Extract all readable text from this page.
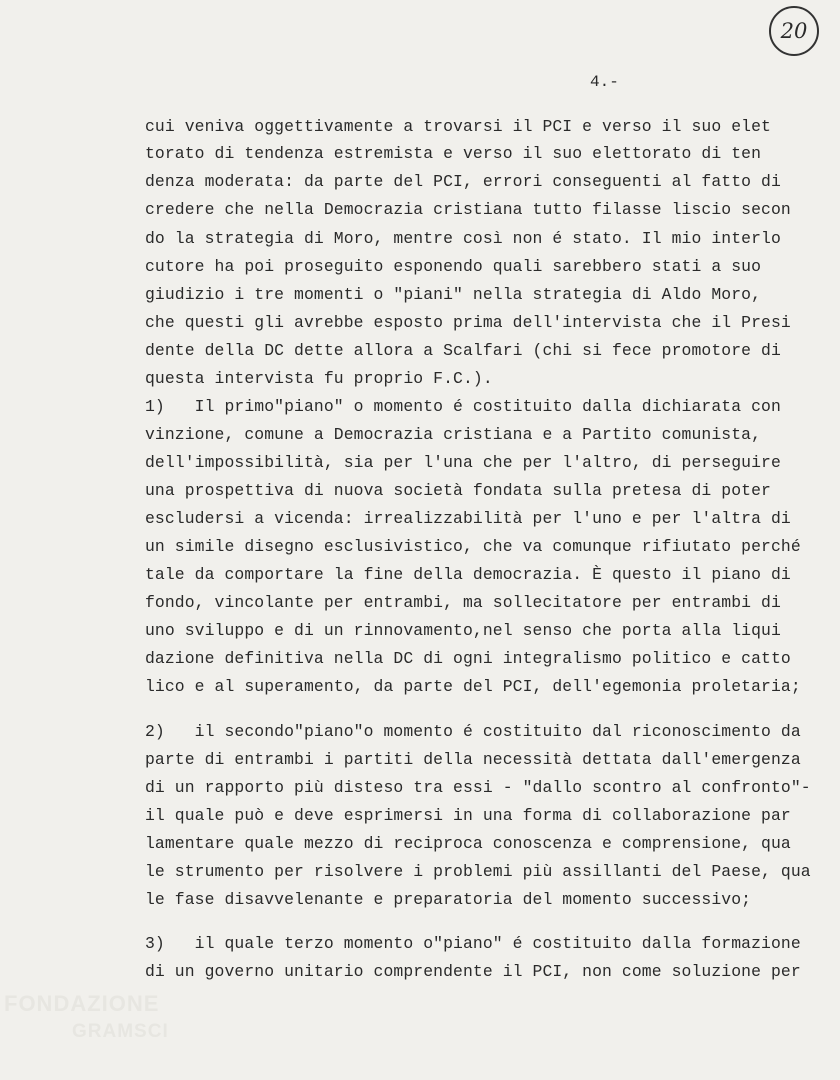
20
4.-
cui veniva oggettivamente a trovarsi il PCI e verso il suo elet
torato di tendenza estremista e verso il suo elettorato di ten
denza moderata: da parte del PCI, errori conseguenti al fatto di
credere che nella Democrazia cristiana tutto filasse liscio secon
do la strategia di Moro, mentre così non é stato. Il mio interlo
cutore ha poi proseguito esponendo quali sarebbero stati a suo
giudizio i tre momenti o "piani" nella strategia di Aldo Moro,
che questi gli avrebbe esposto prima dell'intervista che il Presi
dente della DC dette allora a Scalfari (chi si fece promotore di
questa intervista fu proprio F.C.).
1)   Il primo"piano" o momento é costituito dalla dichiarata con
vinzione, comune a Democrazia cristiana e a Partito comunista,
dell'impossibilità, sia per l'una che per l'altro, di perseguire
una prospettiva di nuova società fondata sulla pretesa di poter
escludersi a vicenda: irrealizzabilità per l'uno e per l'altra di
un simile disegno esclusivistico, che va comunque rifiutato perché
tale da comportare la fine della democrazia. È questo il piano di
fondo, vincolante per entrambi, ma sollecitatore per entrambi di
uno sviluppo e di un rinnovamento,nel senso che porta alla liqui
dazione definitiva nella DC di ogni integralismo politico e catto
lico e al superamento, da parte del PCI, dell'egemonia proletaria;
2)   il secondo"piano"o momento é costituito dal riconoscimento da
parte di entrambi i partiti della necessità dettata dall'emergenza
di un rapporto più disteso tra essi - "dallo scontro al confronto"-
il quale può e deve esprimersi in una forma di collaborazione par
lamentare quale mezzo di reciproca conoscenza e comprensione, qua
le strumento per risolvere i problemi più assillanti del Paese, qua
le fase disavvelenante e preparatoria del momento successivo;
3)   il quale terzo momento o"piano" é costituito dalla formazione
di un governo unitario comprendente il PCI, non come soluzione per
FONDAZIONE
GRAMSCI
